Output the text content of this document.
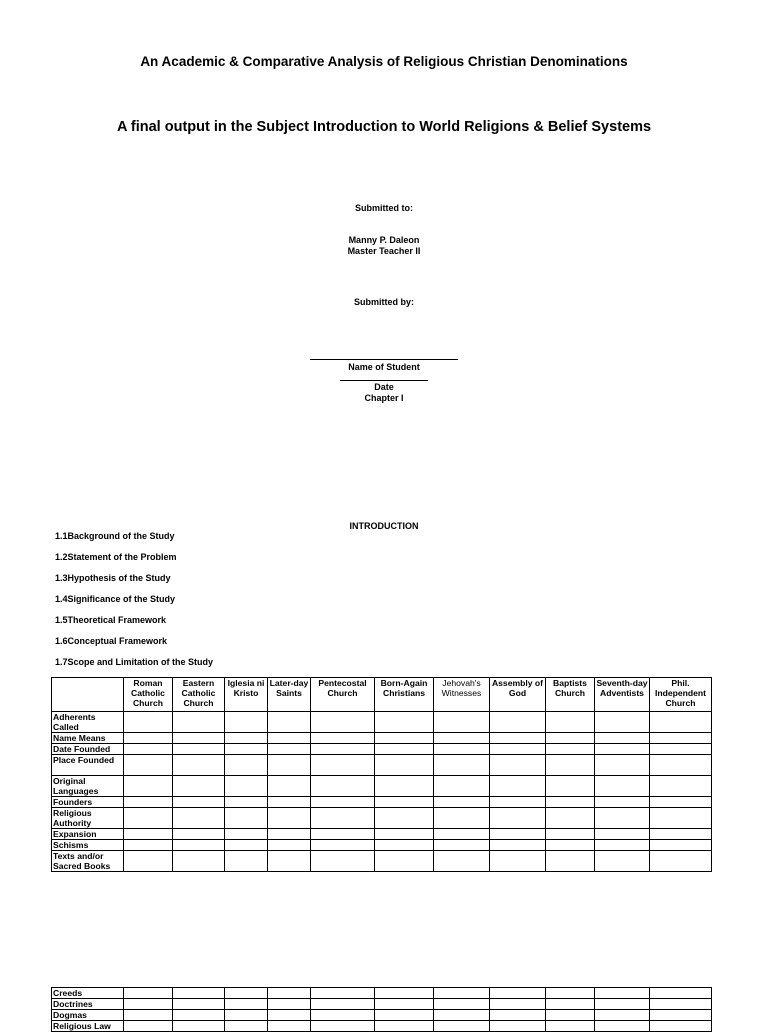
An Academic & Comparative Analysis of Religious Christian Denominations
A final output in the Subject Introduction to World Religions & Belief Systems
Submitted to:
Manny P. Daleon
Master Teacher II
Submitted by:
Name of Student
Date
Chapter I
INTRODUCTION
1.1Background of the Study
1.2Statement of the Problem
1.3Hypothesis of the Study
1.4Significance of the Study
1.5Theoretical Framework
1.6Conceptual Framework
1.7Scope and Limitation of the Study
	Roman Catholic Church	Eastern Catholic Church	Iglesia ni Kristo	Later-day Saints	Pentecostal Church	Born-Again Christians	Jehovah's Witnesses	Assembly of God	Baptists Church	Seventh-day Adventists	Phil. Independent Church
Adherents Called											
Name Means											
Date Founded											
Place Founded											
Original Languages											
Founders											
Religious Authority											
Expansion											
Schisms											
Texts and/or Sacred Books											
Creeds											
Doctrines											
Dogmas											
Religious Law											
